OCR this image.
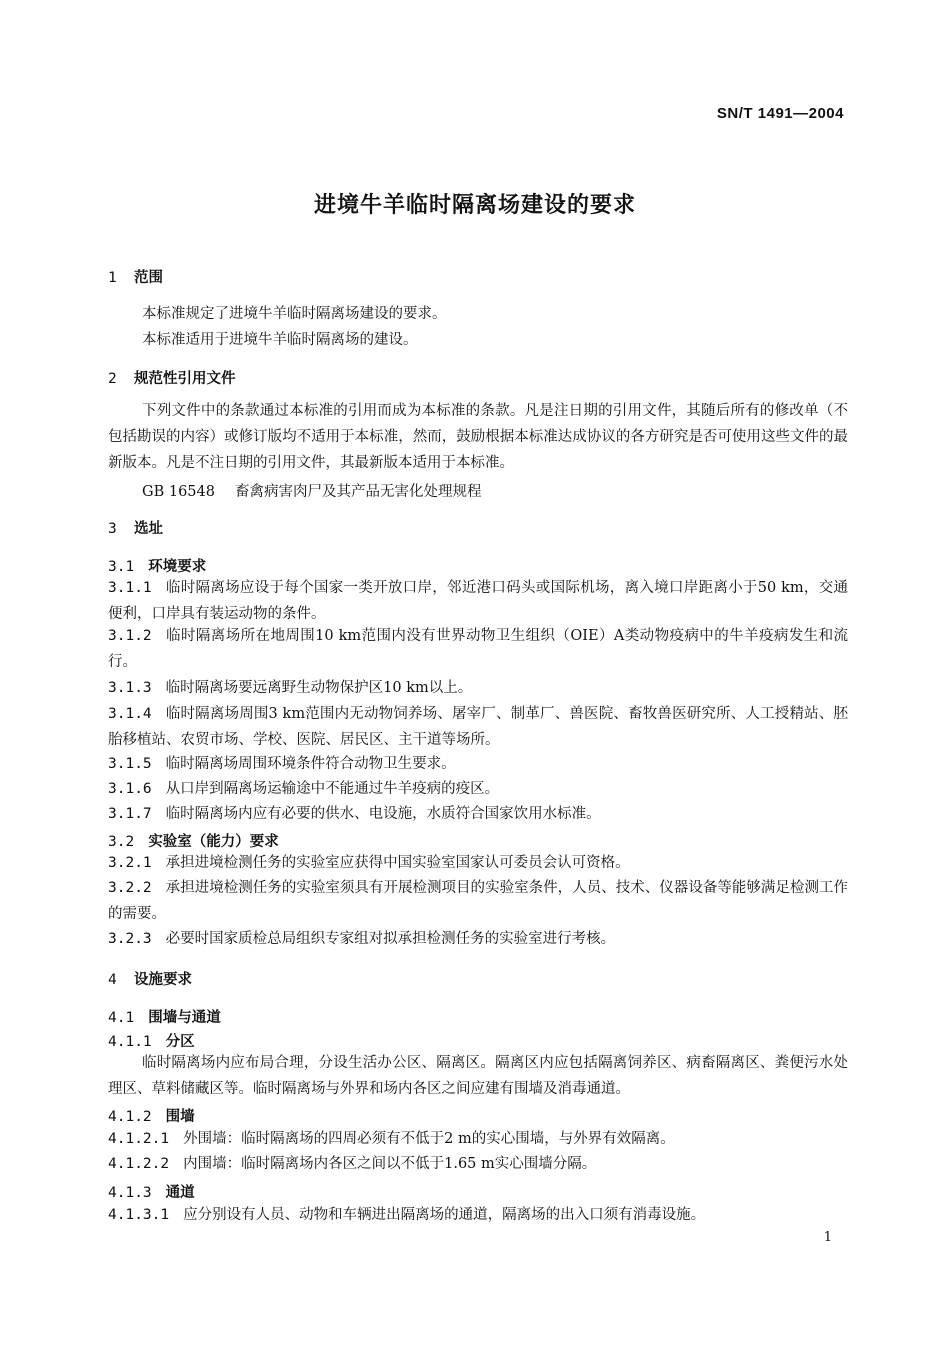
SN/T 1491—2004
进境牛羊临时隔离场建设的要求
1 范围
本标准规定了进境牛羊临时隔离场建设的要求。
本标准适用于进境牛羊临时隔离场的建设。
2 规范性引用文件
下列文件中的条款通过本标准的引用而成为本标准的条款。凡是注日期的引用文件，其随后所有的修改单（不包括勘误的内容）或修订版均不适用于本标准，然而，鼓励根据本标准达成协议的各方研究是否可使用这些文件的最新版本。凡是不注日期的引用文件，其最新版本适用于本标准。
GB 16548 畜禽病害肉尸及其产品无害化处理规程
3 选址
3.1 环境要求
3.1.1 临时隔离场应设于每个国家一类开放口岸，邻近港口码头或国际机场，离入境口岸距离小于50 km，交通便利，口岸具有装运动物的条件。
3.1.2 临时隔离场所在地周围10 km范围内没有世界动物卫生组织（OIE）A类动物疫病中的牛羊疫病发生和流行。
3.1.3 临时隔离场要远离野生动物保护区10 km以上。
3.1.4 临时隔离场周围3 km范围内无动物饲养场、屠宰厂、制革厂、兽医院、畜牧兽医研究所、人工授精站、胚胎移植站、农贸市场、学校、医院、居民区、主干道等场所。
3.1.5 临时隔离场周围环境条件符合动物卫生要求。
3.1.6 从口岸到隔离场运输途中不能通过牛羊疫病的疫区。
3.1.7 临时隔离场内应有必要的供水、电设施，水质符合国家饮用水标准。
3.2 实验室（能力）要求
3.2.1 承担进境检测任务的实验室应获得中国实验室国家认可委员会认可资格。
3.2.2 承担进境检测任务的实验室须具有开展检测项目的实验室条件，人员、技术、仪器设备等能够满足检测工作的需要。
3.2.3 必要时国家质检总局组织专家组对拟承担检测任务的实验室进行考核。
4 设施要求
4.1 围墙与通道
4.1.1 分区
临时隔离场内应布局合理，分设生活办公区、隔离区。隔离区内应包括隔离饲养区、病畜隔离区、粪便污水处理区、草料储藏区等。临时隔离场与外界和场内各区之间应建有围墙及消毒通道。
4.1.2 围墙
4.1.2.1 外围墙：临时隔离场的四周必须有不低于2 m的实心围墙，与外界有效隔离。
4.1.2.2 内围墙：临时隔离场内各区之间以不低于1.65 m实心围墙分隔。
4.1.3 通道
4.1.3.1 应分别设有人员、动物和车辆进出隔离场的通道，隔离场的出入口须有消毒设施。
1
